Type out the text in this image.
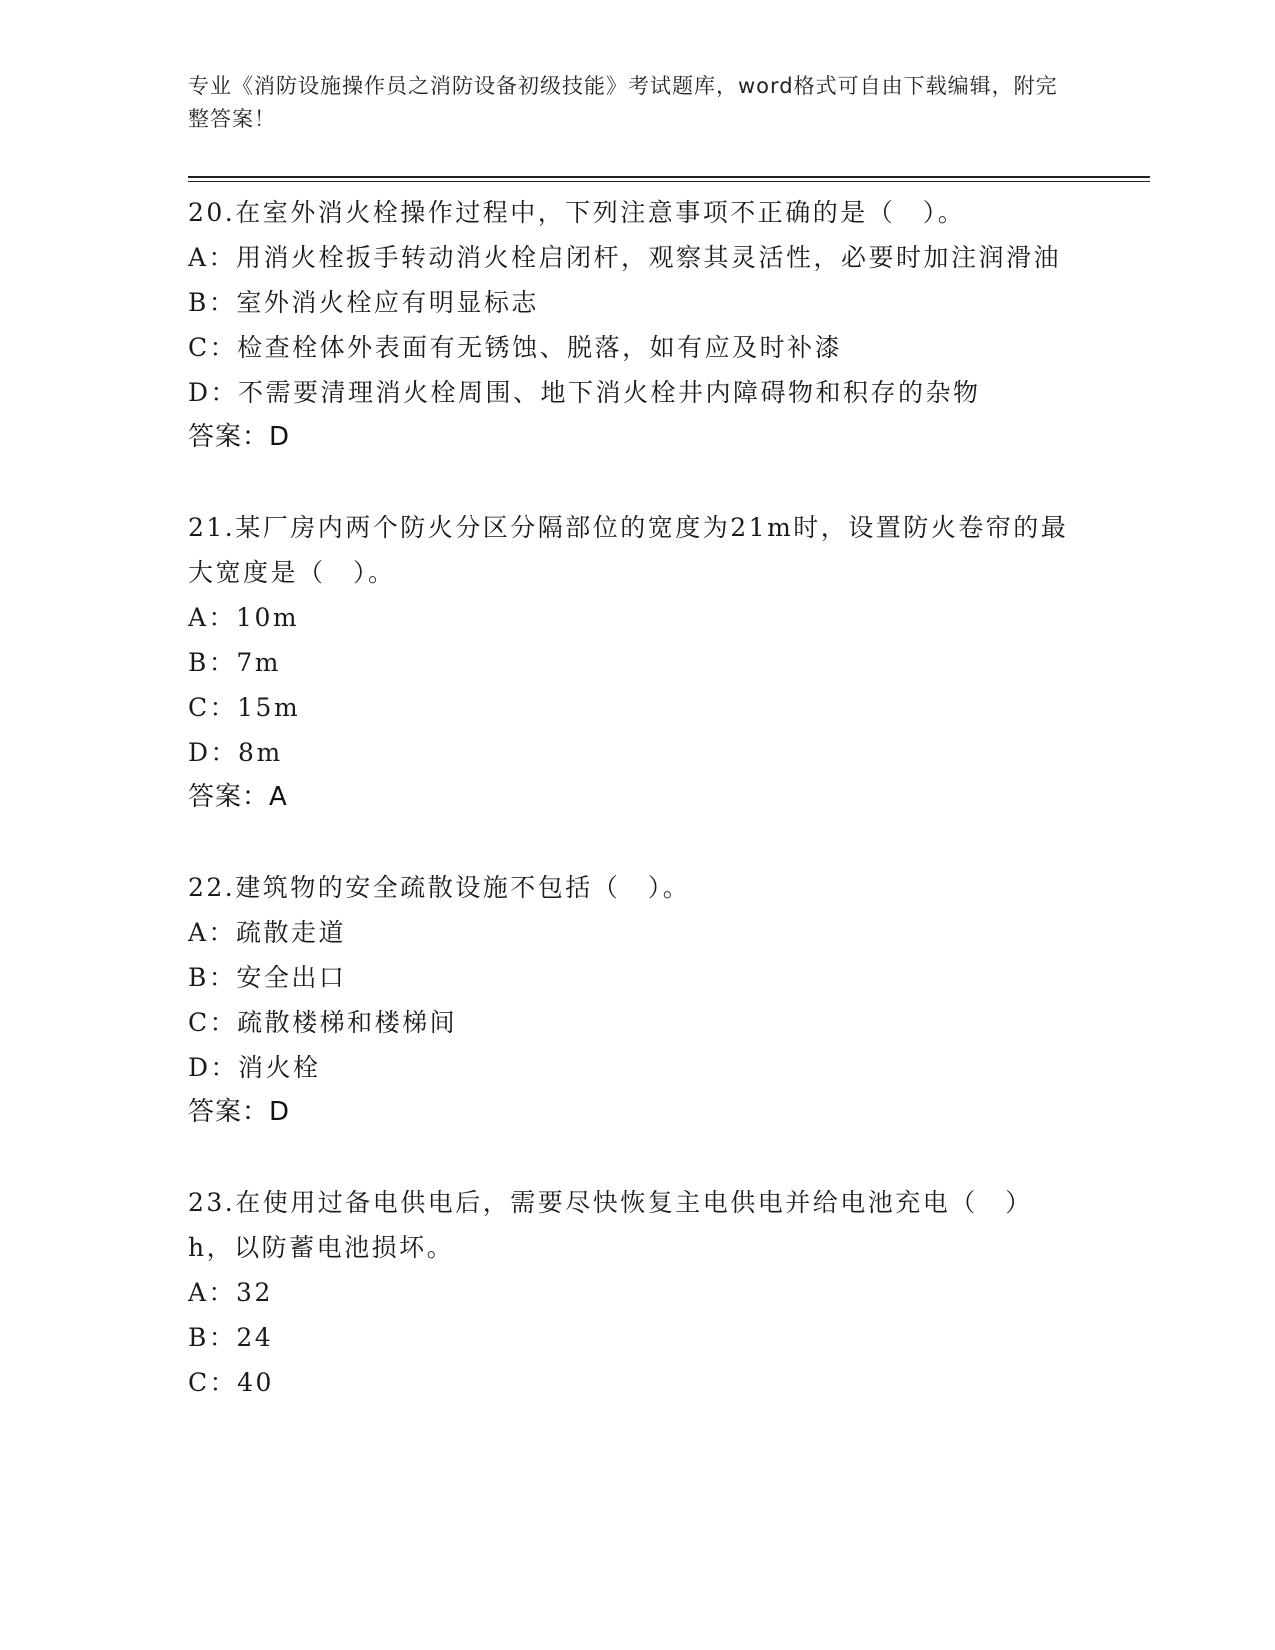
专业《消防设施操作员之消防设备初级技能》考试题库，word格式可自由下载编辑，附完整答案！
20.在室外消火栓操作过程中，下列注意事项不正确的是（　）。
A：用消火栓扳手转动消火栓启闭杆，观察其灵活性，必要时加注润滑油
B：室外消火栓应有明显标志
C：检查栓体外表面有无锈蚀、脱落，如有应及时补漆
D：不需要清理消火栓周围、地下消火栓井内障碍物和积存的杂物
答案：D
21.某厂房内两个防火分区分隔部位的宽度为21m时，设置防火卷帘的最大宽度是（　）。
A：10m
B：7m
C：15m
D：8m
答案：A
22.建筑物的安全疏散设施不包括（　）。
A：疏散走道
B：安全出口
C：疏散楼梯和楼梯间
D：消火栓
答案：D
23.在使用过备电供电后，需要尽快恢复主电供电并给电池充电（　）h，以防蓄电池损坏。
A：32
B：24
C：40
